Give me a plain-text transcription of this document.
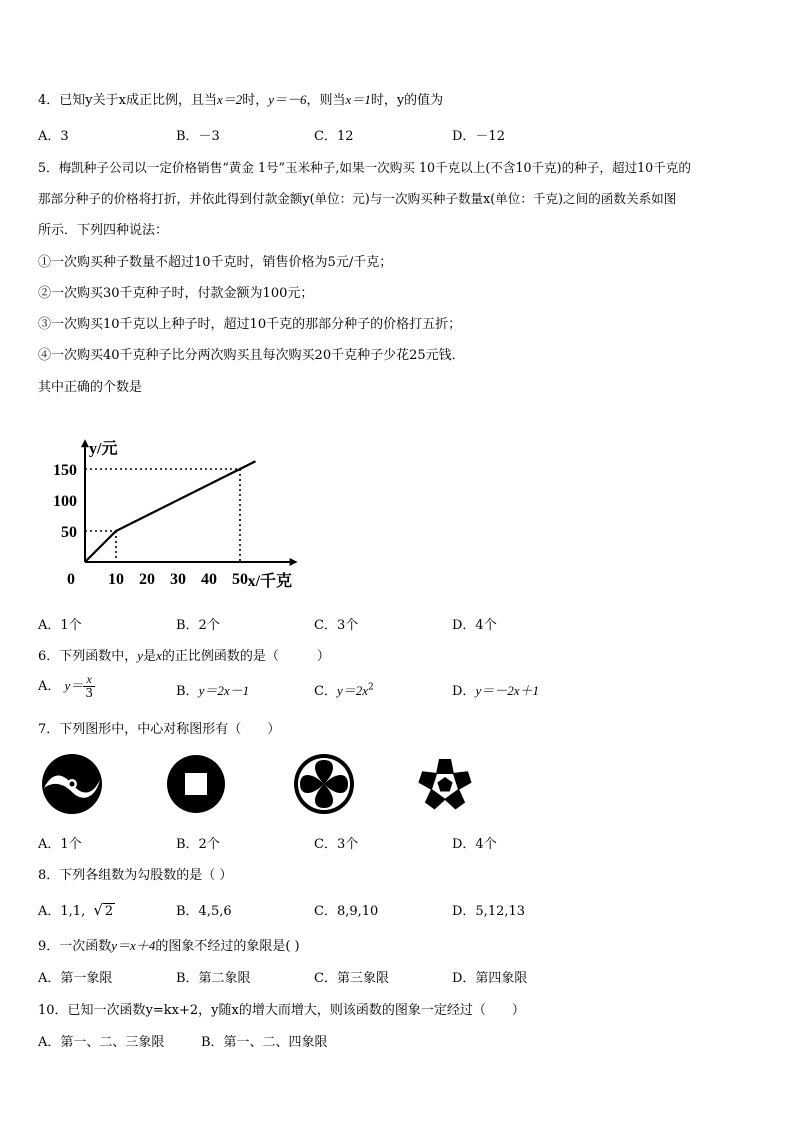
4．已知y关于x成正比例，且当x＝2时，y＝－6，则当x＝1时，y的值为
A．3	B．－3	C．12	D．－12
5．梅凯种子公司以一定价格销售“黄金 1号”玉米种子,如果一次购买 10千克以上(不含10千克)的种子，超过10千克的
那部分种子的价格将打折，并依此得到付款金额y(单位：元)与一次购买种子数量x(单位：千克)之间的函数关系如图
所示．下列四种说法：
①一次购买种子数量不超过10千克时，销售价格为5元/千克；
②一次购买30千克种子时，付款金额为100元；
③一次购买10千克以上种子时，超过10千克的那部分种子的价格打五折；
④一次购买40千克种子比分两次购买且每次购买20千克种子少花25元钱．
其中正确的个数是
y/元
x/千克
0 10 20 30 40 50
50
100
150
A．1个	B．2个	C．3个	D．4个
6．下列函数中，y是x的正比例函数的是（	）
A． $y= \frac{x}{3}$	B．y＝2x－1	C．$y=2x^2$	D．y＝－2x＋1
7．下列图形中，中心对称图形有（　　）
A．1个	B．2个	C．3个	D．4个
8．下列各组数为勾股数的是（ ）
A．1,1, √ 2	B．4,5,6	C．8,9,10	D．5,12,13
9．一次函数y＝x＋4的图象不经过的象限是( )
A．第一象限	B．第二象限	C．第三象限	D．第四象限
10．已知一次函数y=kx+2，y随x的增大而增大，则该函数的图象一定经过（　　）
A．第一、二、三象限	B．第一、二、四象限
